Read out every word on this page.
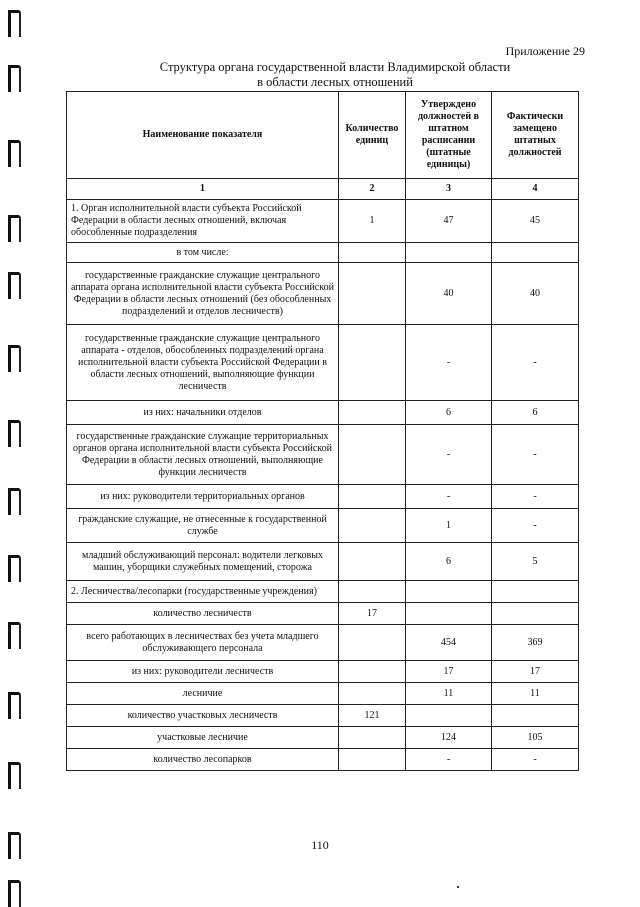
Приложение 29
Структура органа государственной власти Владимирской области
в области лесных отношений
Наименование показателя	Количество единиц	Утверждено должностей в штатном расписании (штатные единицы)	Фактически замещено штатных должностей
1	2	3	4
1. Орган исполнительной власти субъекта Российской Федерации в области лесных отношений, включая обособленные подразделения	1	47	45
в том числе:			
государственные гражданские служащие центрального аппарата органа исполнительной власти субъекта Российской Федерации в области лесных отношений (без обособленных подразделений и отделов лесничеств)		40	40
государственные гражданские служащие центрального аппарата - отделов, обособленных подразделений органа исполнительной власти субъекта Российской Федерации в области лесных отношений, выполняющие функции лесничеств		-	-
из них: начальники отделов		6	6
государственные гражданские служащие территориальных органов органа исполнительной власти субъекта Российской Федерации в области лесных отношений, выполняющие функции лесничеств		-	-
из них: руководители территориальных органов		-	-
гражданские служащие, не отнесенные к государственной службе		1	-
младший обслуживающий персонал: водители легковых машин, уборщики служебных помещений, сторожа		6	5
2. Лесничества/лесопарки (государственные учреждения)			
количество лесничеств	17		
всего работающих в лесничествах без учета младшего обслуживающего персонала		454	369
из них: руководители лесничеств		17	17
лесничие		11	11
количество участковых лесничеств	121		
участковые лесничие		124	105
количество лесопарков		-	-
110
